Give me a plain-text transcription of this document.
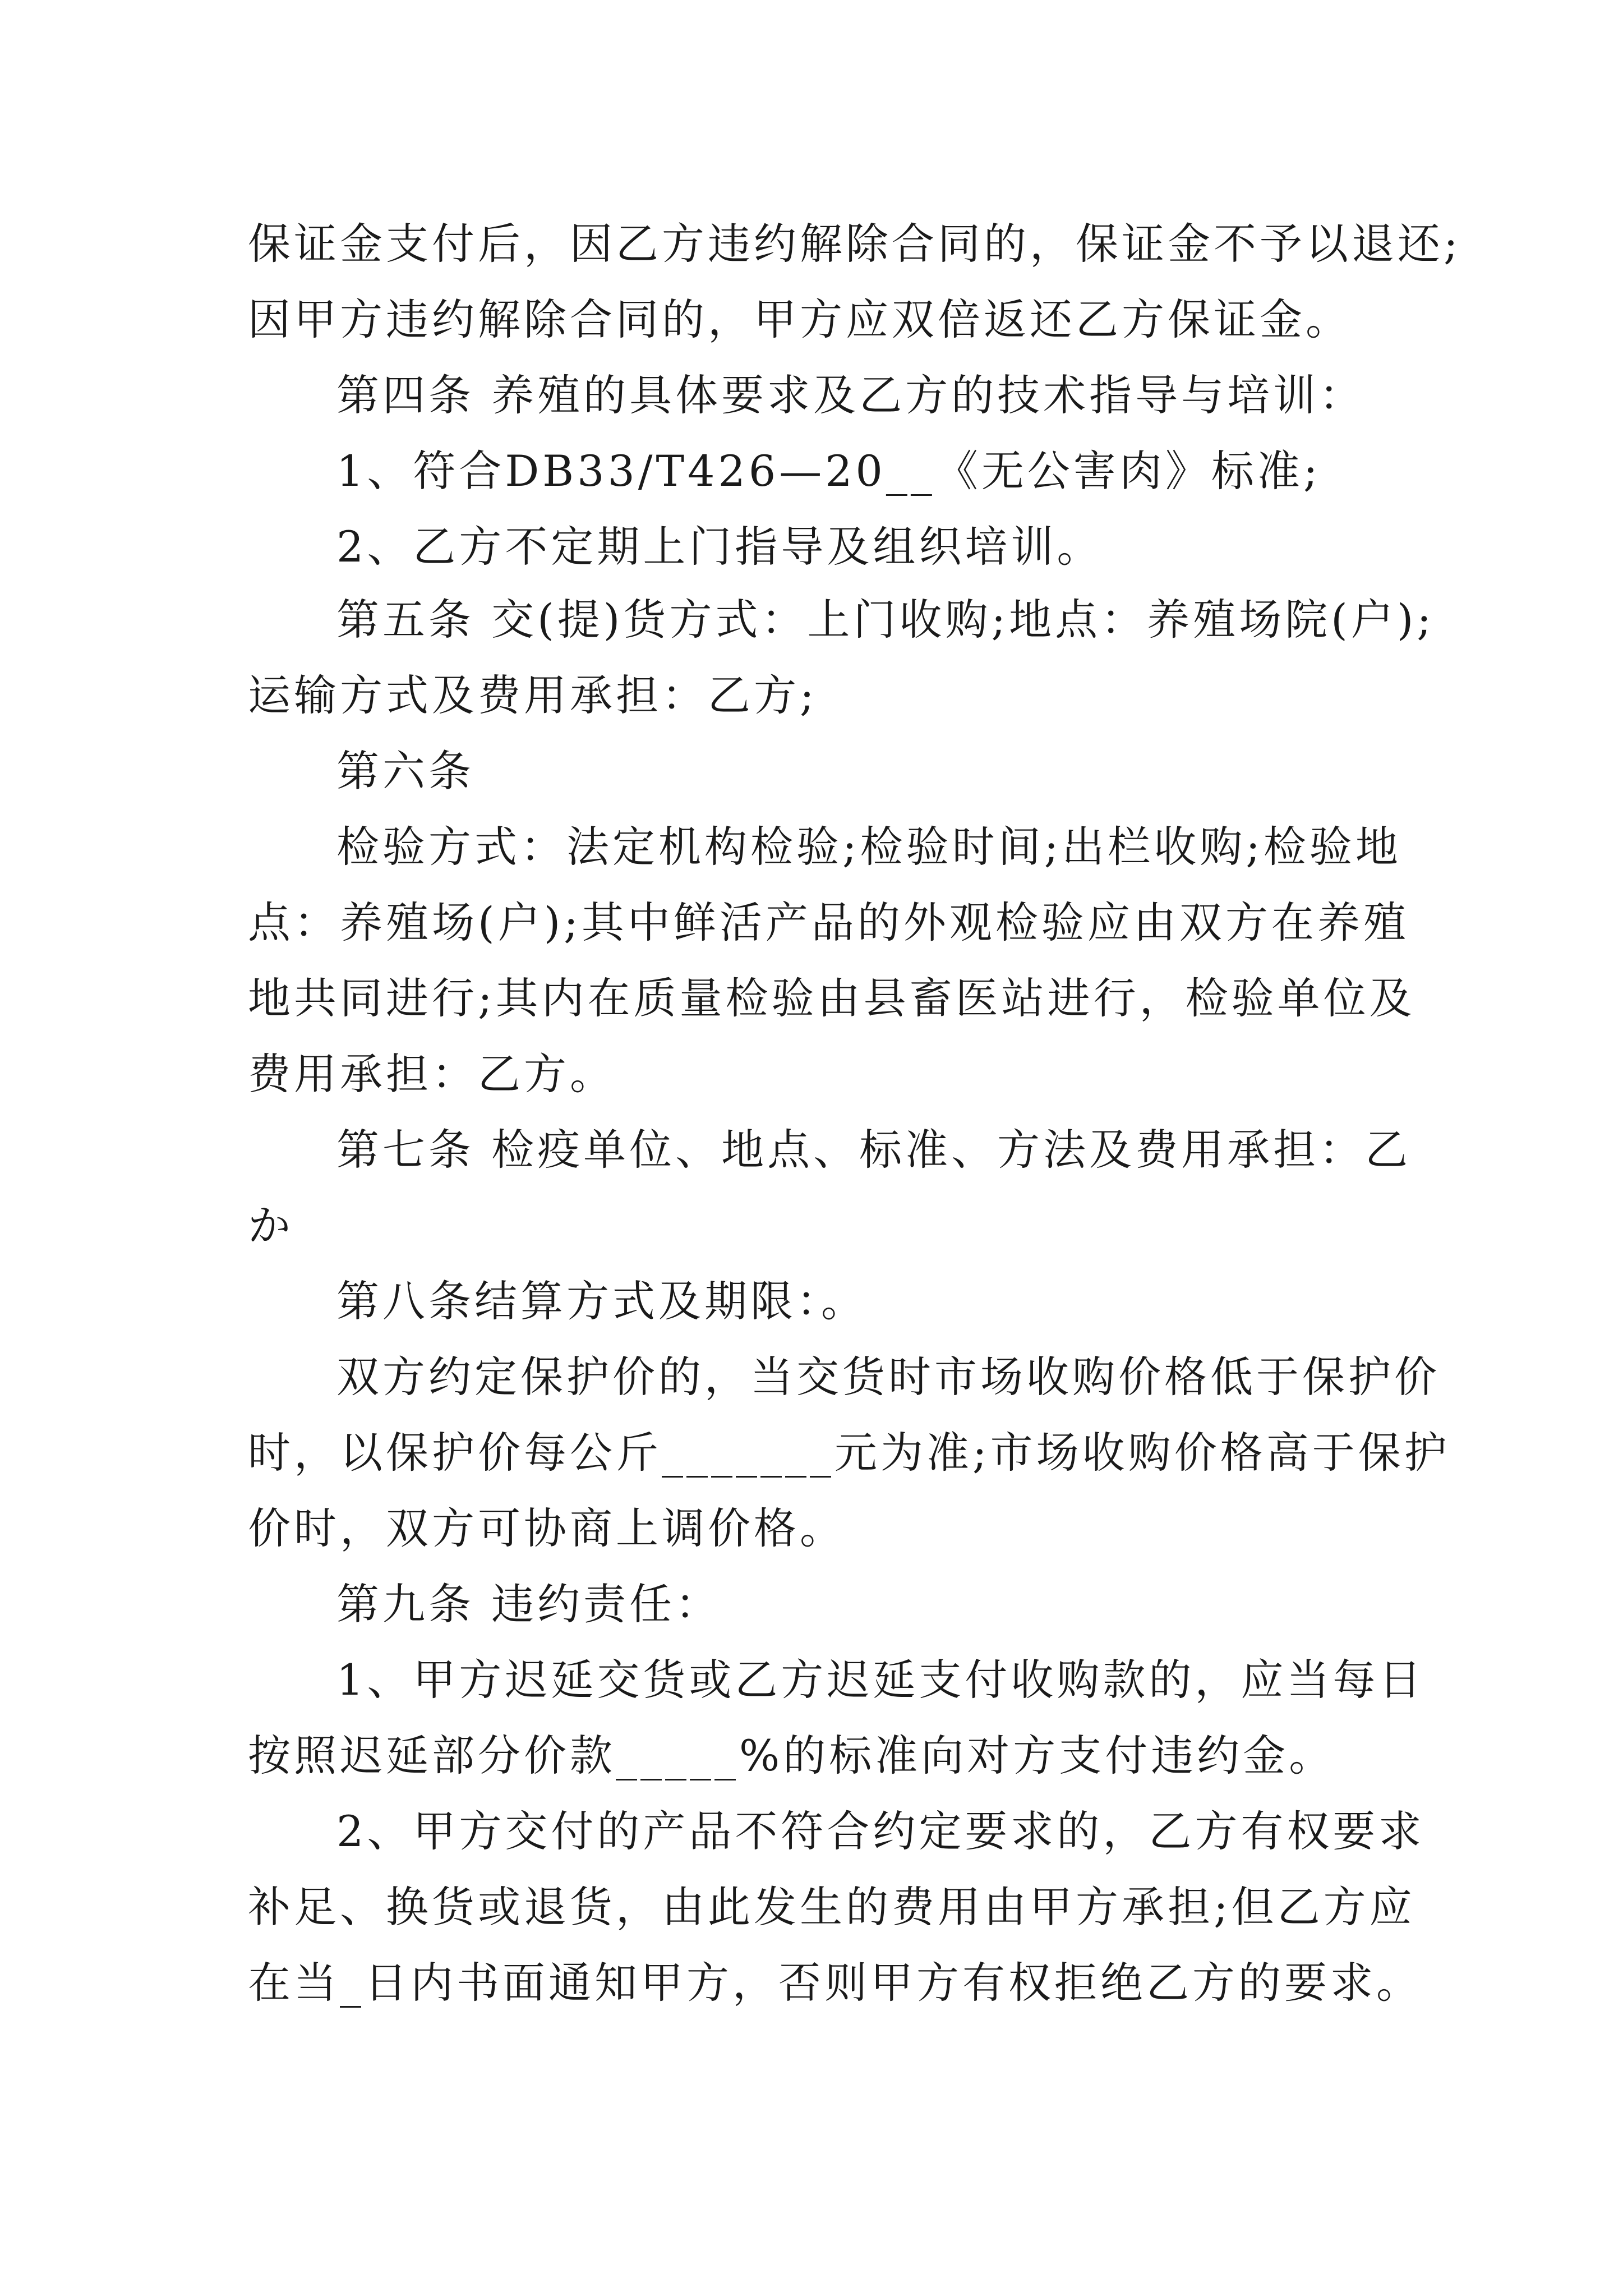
保证金支付后，因乙方违约解除合同的，保证金不予以退还;

因甲方违约解除合同的，甲方应双倍返还乙方保证金。

第四条 养殖的具体要求及乙方的技术指导与培训：

1、符合DB33/T426—20__《无公害肉》标准;

2、乙方不定期上门指导及组织培训。

第五条 交(提)货方式：上门收购;地点：养殖场院(户);

运输方式及费用承担：乙方;

第六条

检验方式：法定机构检验;检验时间;出栏收购;检验地

点：养殖场(户);其中鲜活产品的外观检验应由双方在养殖

地共同进行;其内在质量检验由县畜医站进行，检验单位及

费用承担：乙方。

第七条 检疫单位、地点、标准、方法及费用承担：乙

か

第八条结算方式及期限：。

双方约定保护价的，当交货时市场收购价格低于保护价

时，以保护价每公斤_______元为准;市场收购价格高于保护

价时，双方可协商上调价格。

第九条 违约责任：

1、甲方迟延交货或乙方迟延支付收购款的，应当每日

按照迟延部分价款_____%的标准向对方支付违约金。

2、甲方交付的产品不符合约定要求的，乙方有权要求

补足、换货或退货，由此发生的费用由甲方承担;但乙方应

在当_日内书面通知甲方，否则甲方有权拒绝乙方的要求。
